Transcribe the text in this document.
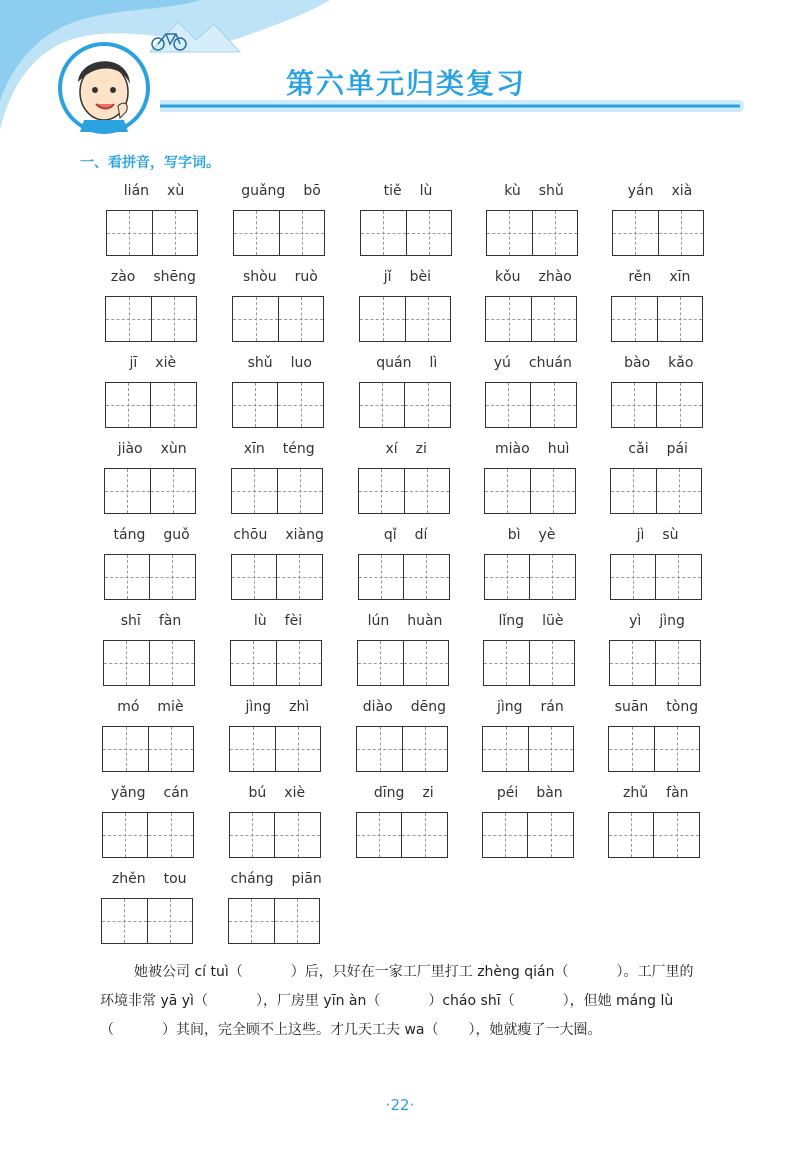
第六单元归类复习
一、看拼音，写字词。
lián xù	guǎng bō	tiě lù	kù shǔ	yán xià
zào shēng	shòu ruò	jǐ bèi	kǒu zhào	rěn xīn
jī xiè	shǔ luo	quán lì	yú chuán	bào kǎo
jiào xùn	xīn téng	xí zi	miào huì	cǎi pái
táng guǒ	chōu xiàng	qǐ dí	bì yè	jì sù
shī fàn	lù fèi	lún huàn	lǐng lüè	yì jìng
mó miè	jìng zhì	diào dēng	jìng rán	suān tòng
yǎng cán	bú xiè	dīng zi	péi bàn	zhǔ fàn
zhěn tou	cháng piān

她被公司 cí tuì（	）后，只好在一家工厂里打工 zhèng qián（	）。工厂里的

环境非常 yā yì（	），厂房里 yīn àn（	）cháo shī（	），但她 máng lù

（	）其间，完全顾不上这些。才几天工夫 wa（ ），她就瘦了一大圈。

·22·
